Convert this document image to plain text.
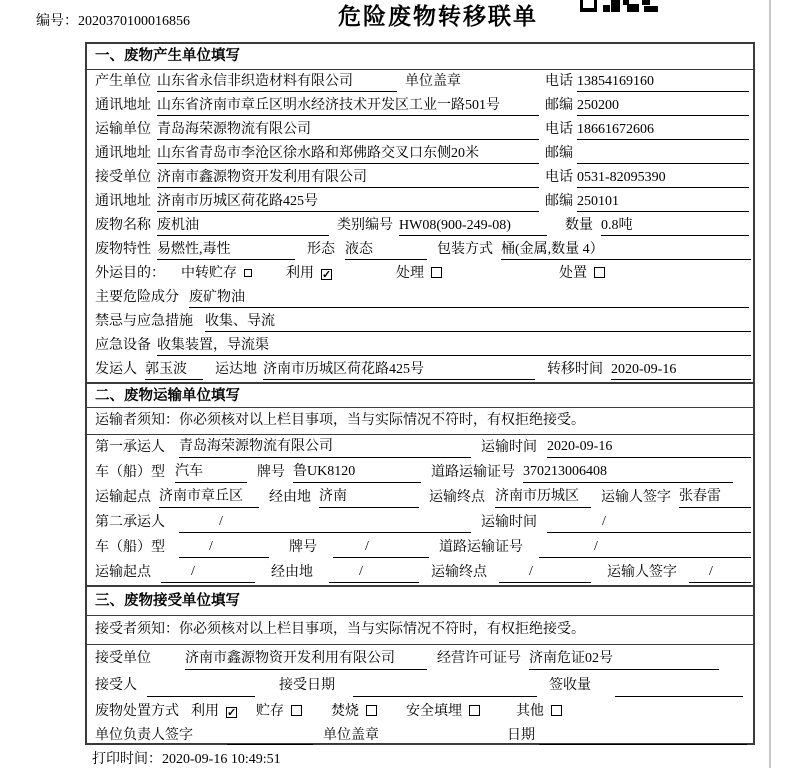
编号：2020370100016856	危险废物转移联单
一、废物产生单位填写
产生单位 山东省永信非织造材料有限公司	单位盖章	电话 13854169160
通讯地址 山东省济南市章丘区明水经济技术开发区工业一路501号	邮编 250200
运输单位 青岛海荣源物流有限公司	电话 18661672606
通讯地址 山东省青岛市李沧区徐水路和郑佛路交叉口东侧20米	邮编
接受单位 济南市鑫源物资开发利用有限公司	电话 0531-82095390
通讯地址 济南市历城区荷花路425号	邮编 250101
废物名称 废机油	类别编号 HW08(900-249-08)	数量 0.8吨
废物特性 易燃性,毒性	形态 液态	包装方式 桶(金属,数量 4）
外运目的： 中转贮存	利用 ✓	处理	处置
主要危险成分 废矿物油
禁忌与应急措施 收集、导流
应急设备 收集装置，导流渠
发运人 郭玉波	运达地 济南市历城区荷花路425号	转移时间 2020-09-16
二、废物运输单位填写
运输者须知：你必须核对以上栏目事项，当与实际情况不符时，有权拒绝接受。
第一承运人 青岛海荣源物流有限公司	运输时间 2020-09-16
车（船）型 汽车	牌号 鲁UK8120	道路运输证号 370213006408
运输起点 济南市章丘区	经由地 济南	运输终点 济南市历城区	运输人签字 张春雷
第二承运人	/	运输时间	/
车（船）型	/	牌号	/	道路运输证号	/
运输起点	/	经由地	/	运输终点	/	运输人签字	/
三、废物接受单位填写
接受者须知：你必须核对以上栏目事项，当与实际情况不符时，有权拒绝接受。
接受单位 济南市鑫源物资开发利用有限公司	经营许可证号 济南危证02号
接受人	接受日期	签收量
废物处置方式 利用 ✓ 贮存	焚烧	安全填埋	其他
单位负责人签字	单位盖章	日期
打印时间：2020-09-16 10:49:51
